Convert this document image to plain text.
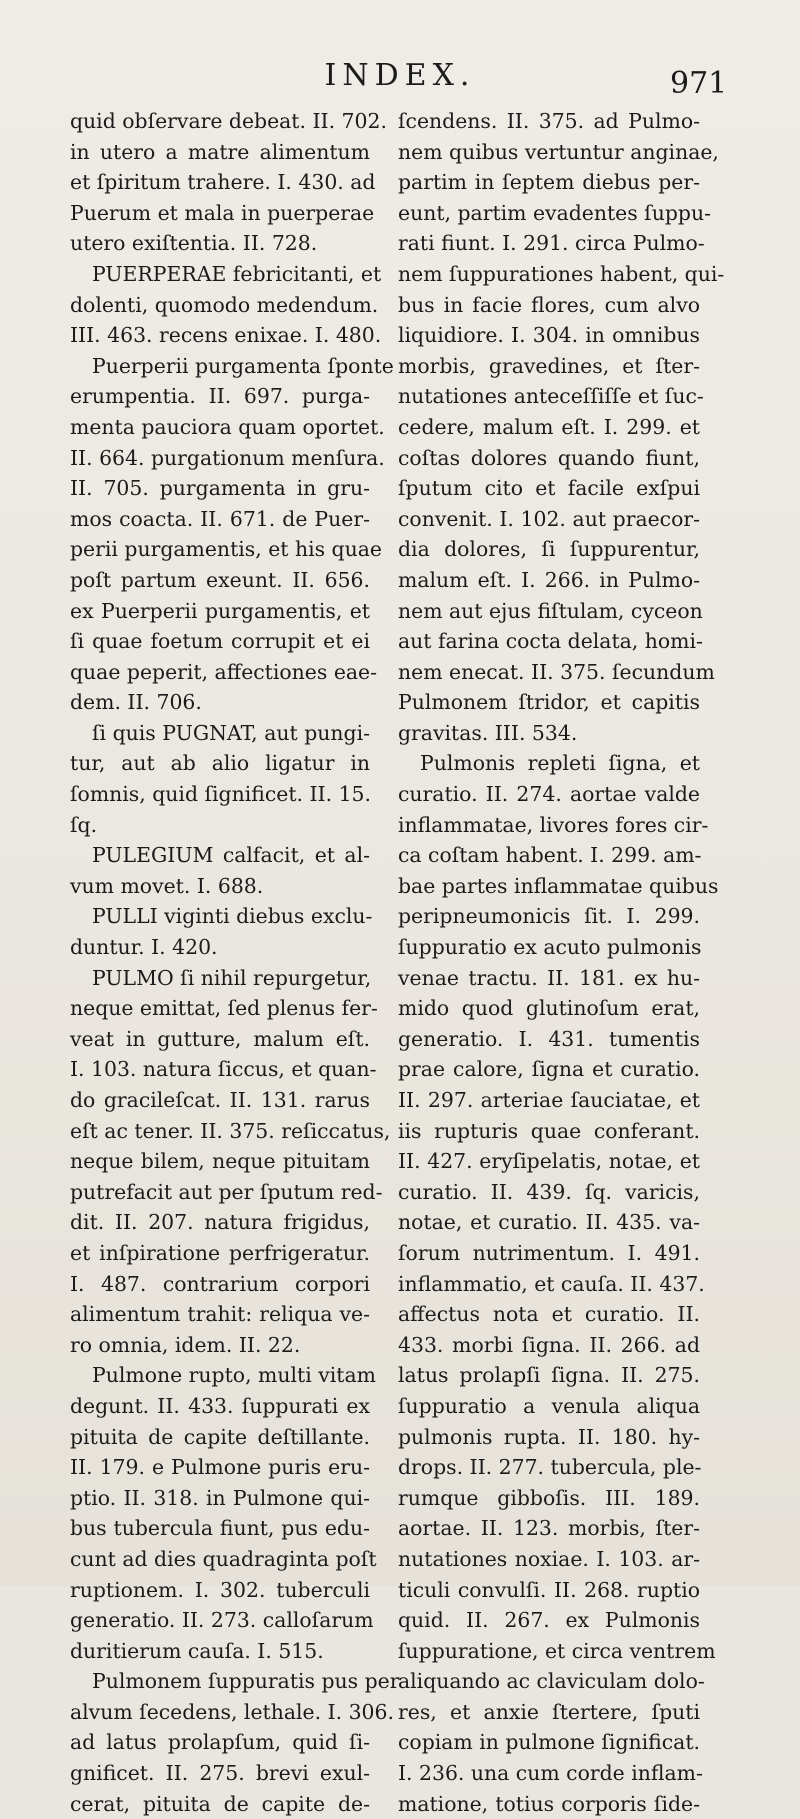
INDEX.	971
quid obſervare debeat. II. 702.
in utero a matre alimentum
et ſpiritum trahere. I. 430. ad
Puerum et mala in puerperae
utero exiſtentia. II. 728.
PUERPERAE febricitanti, et
dolenti, quomodo medendum.
III. 463. recens enixae. I. 480.
Puerperii purgamenta ſponte
erumpentia. II. 697. purga-
menta pauciora quam oportet.
II. 664. purgationum menſura.
II. 705. purgamenta in gru-
mos coacta. II. 671. de Puer-
perii purgamentis, et his quae
poſt partum exeunt. II. 656.
ex Puerperii purgamentis, et
ſi quae foetum corrupit et ei
quae peperit, affectiones eae-
dem. II. 706.
ſi quis PUGNAT, aut pungi-
tur, aut ab alio ligatur in
ſomnis, quid ſignificet. II. 15.
ſq.
PULEGIUM calfacit, et al-
vum movet. I. 688.
PULLI viginti diebus exclu-
duntur. I. 420.
PULMO ſi nihil repurgetur,
neque emittat, ſed plenus fer-
veat in gutture, malum eſt.
I. 103. natura ſiccus, et quan-
do gracileſcat. II. 131. rarus
eſt ac tener. II. 375. reſiccatus,
neque bilem, neque pituitam
putrefacit aut per ſputum red-
dit. II. 207. natura frigidus,
et inſpiratione perfrigeratur.
I. 487. contrarium corpori
alimentum trahit: reliqua ve-
ro omnia, idem. II. 22.
Pulmone rupto, multi vitam
degunt. II. 433. ſuppurati ex
pituita de capite deſtillante.
II. 179. e Pulmone puris eru-
ptio. II. 318. in Pulmone qui-
bus tubercula fiunt, pus edu-
cunt ad dies quadraginta poſt
ruptionem. I. 302. tuberculi
generatio. II. 273. calloſarum
duritierum cauſa. I. 515.
Pulmonem ſuppuratis pus per
alvum ſecedens, lethale. I. 306.
ad latus prolapſum, quid ſi-
gnificet. II. 275. brevi exul-
cerat, pituita de capite de-
ſcendens. II. 375. ad Pulmo-
nem quibus vertuntur anginae,
partim in ſeptem diebus per-
eunt, partim evadentes ſuppu-
rati fiunt. I. 291. circa Pulmo-
nem ſuppurationes habent, qui-
bus in facie flores, cum alvo
liquidiore. I. 304. in omnibus
morbis, gravedines, et ſter-
nutationes anteceſſiſſe et ſuc-
cedere, malum eſt. I. 299. et
coſtas dolores quando fiunt,
ſputum cito et facile exſpui
convenit. I. 102. aut praecor-
dia dolores, ſi ſuppurentur,
malum eſt. I. 266. in Pulmo-
nem aut ejus fiſtulam, cyceon
aut farina cocta delata, homi-
nem enecat. II. 375. ſecundum
Pulmonem ſtridor, et capitis
gravitas. III. 534.
Pulmonis repleti ſigna, et
curatio. II. 274. aortae valde
inflammatae, livores fores cir-
ca coſtam habent. I. 299. am-
bae partes inflammatae quibus
peripneumonicis ſit. I. 299.
ſuppuratio ex acuto pulmonis
venae tractu. II. 181. ex hu-
mido quod glutinoſum erat,
generatio. I. 431. tumentis
prae calore, ſigna et curatio.
II. 297. arteriae ſauciatae, et
iis rupturis quae conferant.
II. 427. eryſipelatis, notae, et
curatio. II. 439. ſq. varicis,
notae, et curatio. II. 435. va-
ſorum nutrimentum. I. 491.
inflammatio, et cauſa. II. 437.
affectus nota et curatio. II.
433. morbi ſigna. II. 266. ad
latus prolapſi ſigna. II. 275.
ſuppuratio a venula aliqua
pulmonis rupta. II. 180. hy-
drops. II. 277. tubercula, ple-
rumque gibboſis. III. 189.
aortae. II. 123. morbis, ſter-
nutationes noxiae. I. 103. ar-
ticuli convulſi. II. 268. ruptio
quid. II. 267. ex Pulmonis
ſuppuratione, et circa ventrem
aliquando ac claviculam dolo-
res, et anxie ſtertere, ſputi
copiam in pulmone ſignificat.
I. 236. una cum corde inflam-
matione, totius corporis ſide-
